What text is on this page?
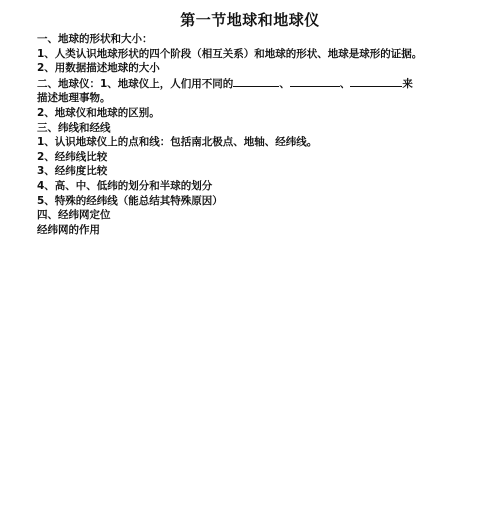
第一节地球和地球仪
一、地球的形状和大小：
1、人类认识地球形状的四个阶段（相互关系）和地球的形状、地球是球形的证据。
2、用数据描述地球的大小
二、地球仪：1、地球仪上，人们用不同的	、	、	来
描述地理事物。
2、地球仪和地球的区别。
三、纬线和经线
1、认识地球仪上的点和线：包括南北极点、地轴、经纬线。
2、经纬线比较
3、经纬度比较
4、高、中、低纬的划分和半球的划分
5、特殊的经纬线（能总结其特殊原因）
四、经纬网定位
经纬网的作用
